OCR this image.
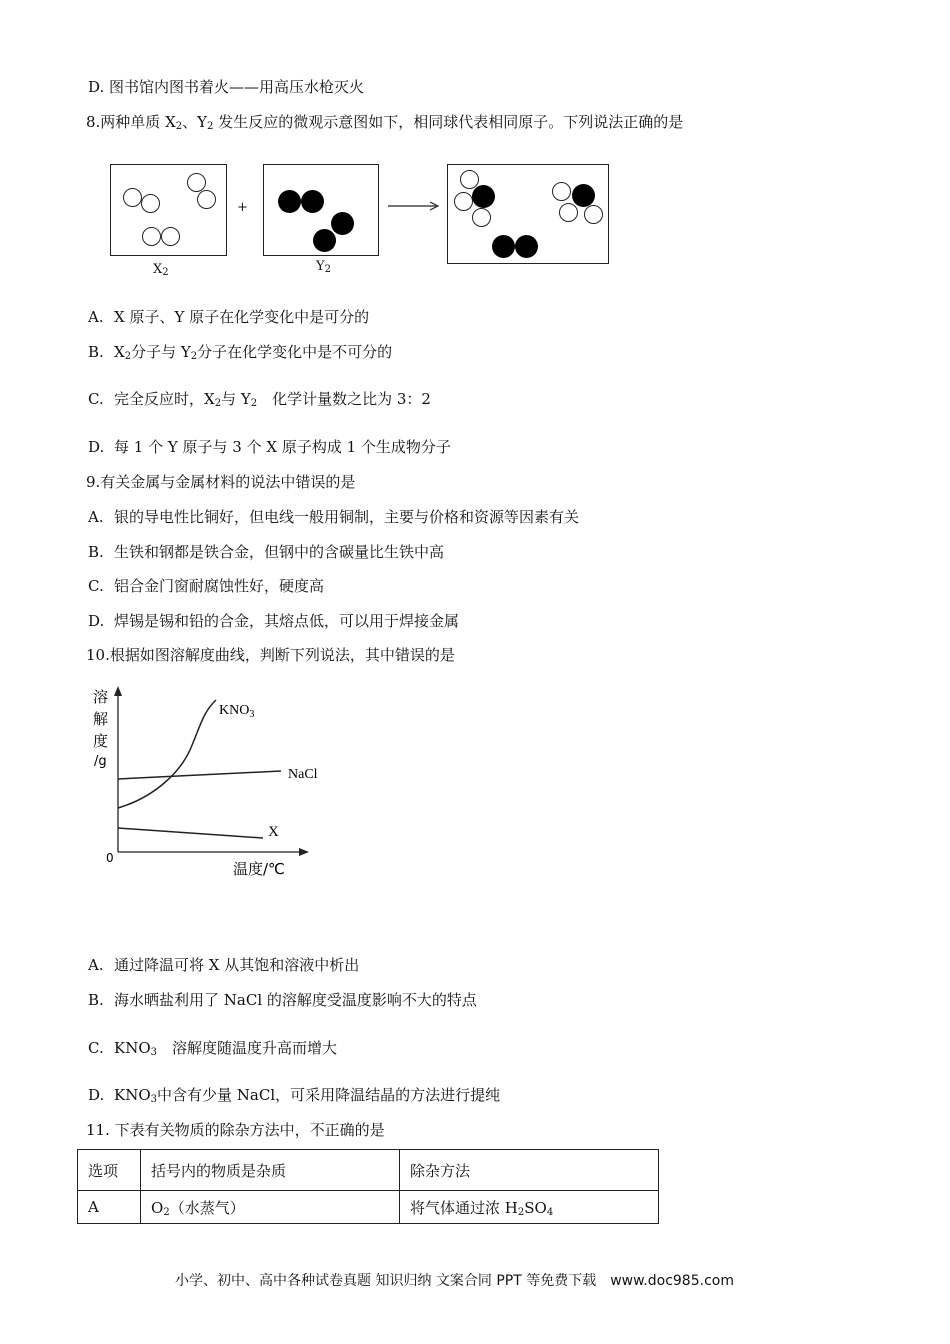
D. 图书馆内图书着火——用高压水枪灭火
8.两种单质 $X_2$、$Y_2$ 发生反应的微观示意图如下，相同球代表相同原子。下列说法正确的是
+
$X_2$	$Y_2$
A. X 原子、Y 原子在化学变化中是可分的
B. $X_2$分子与 $Y_2$分子在化学变化中是不可分的
C. 完全反应时，$X_2$与 $Y_2$　化学计量数之比为 3：2
D. 每 1 个 Y 原子与 3 个 X 原子构成 1 个生成物分子
9.有关金属与金属材料的说法中错误的是
A. 银的导电性比铜好，但电线一般用铜制，主要与价格和资源等因素有关
B. 生铁和钢都是铁合金，但钢中的含碳量比生铁中高
C. 铝合金门窗耐腐蚀性好，硬度高
D. 焊锡是锡和铅的合金，其熔点低，可以用于焊接金属
10.根据如图溶解度曲线，判断下列说法，其中错误的是
$KNO_3$
NaCl
X
0
温度/℃
溶
解
度
/g
A. 通过降温可将 X 从其饱和溶液中析出
B. 海水晒盐利用了 NaCl 的溶解度受温度影响不大的特点
C. $KNO_3$　溶解度随温度升高而增大
D. $KNO_3$中含有少量 NaCl，可采用降温结晶的方法进行提纯
11. 下表有关物质的除杂方法中，不正确的是
选项	括号内的物质是杂质	除杂方法
A	$O_2$（水蒸气）	将气体通过浓 $H_2SO_4$
小学、初中、高中各种试卷真题 知识归纳 文案合同 PPT 等免费下载　www.doc985.com
